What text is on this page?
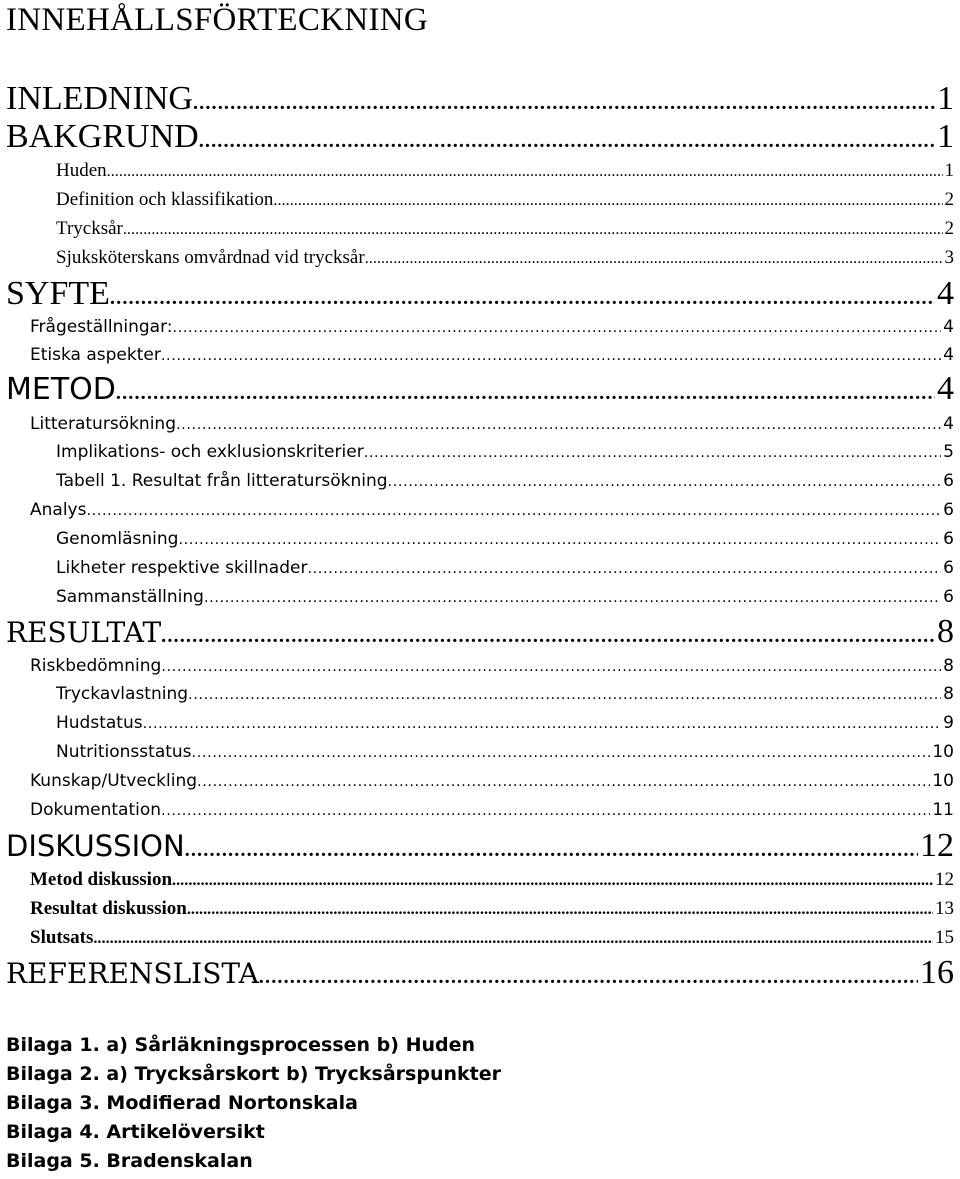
INNEHÅLLSFÖRTECKNING
INLEDNING . . .	1
BAKGRUND . . .	1
Huden . . .	1
Definition och klassifikation . . .	2
Trycksår . . .	2
Sjuksköterskans omvårdnad vid trycksår . . .	3
SYFTE . . .	4
Frågeställningar: . . .	4
Etiska aspekter . . .	4
METOD . . .	4
Litteratursökning . . .	4
Implikations- och exklusionskriterier . . .	5
Tabell 1. Resultat från litteratursökning . . .	6
Analys . . .	6
Genomläsning . . .	6
Likheter respektive skillnader . . .	6
Sammanställning . . .	6
RESULTAT . . .	8
Riskbedömning . . .	8
Tryckavlastning . . .	8
Hudstatus . . .	9
Nutritionsstatus . . .	10
Kunskap/Utveckling . . .	10
Dokumentation . . .	11
DISKUSSION . . .	12
Metod diskussion . . .	12
Resultat diskussion . . .	13
Slutsats . . .	15
REFERENSLISTA . . .	16
Bilaga 1. a) Sårläkningsprocessen b) Huden
Bilaga 2. a) Trycksårskort b) Trycksårspunkter
Bilaga 3. Modifierad Nortonskala
Bilaga 4. Artikelöversikt
Bilaga 5. Bradenskalan
